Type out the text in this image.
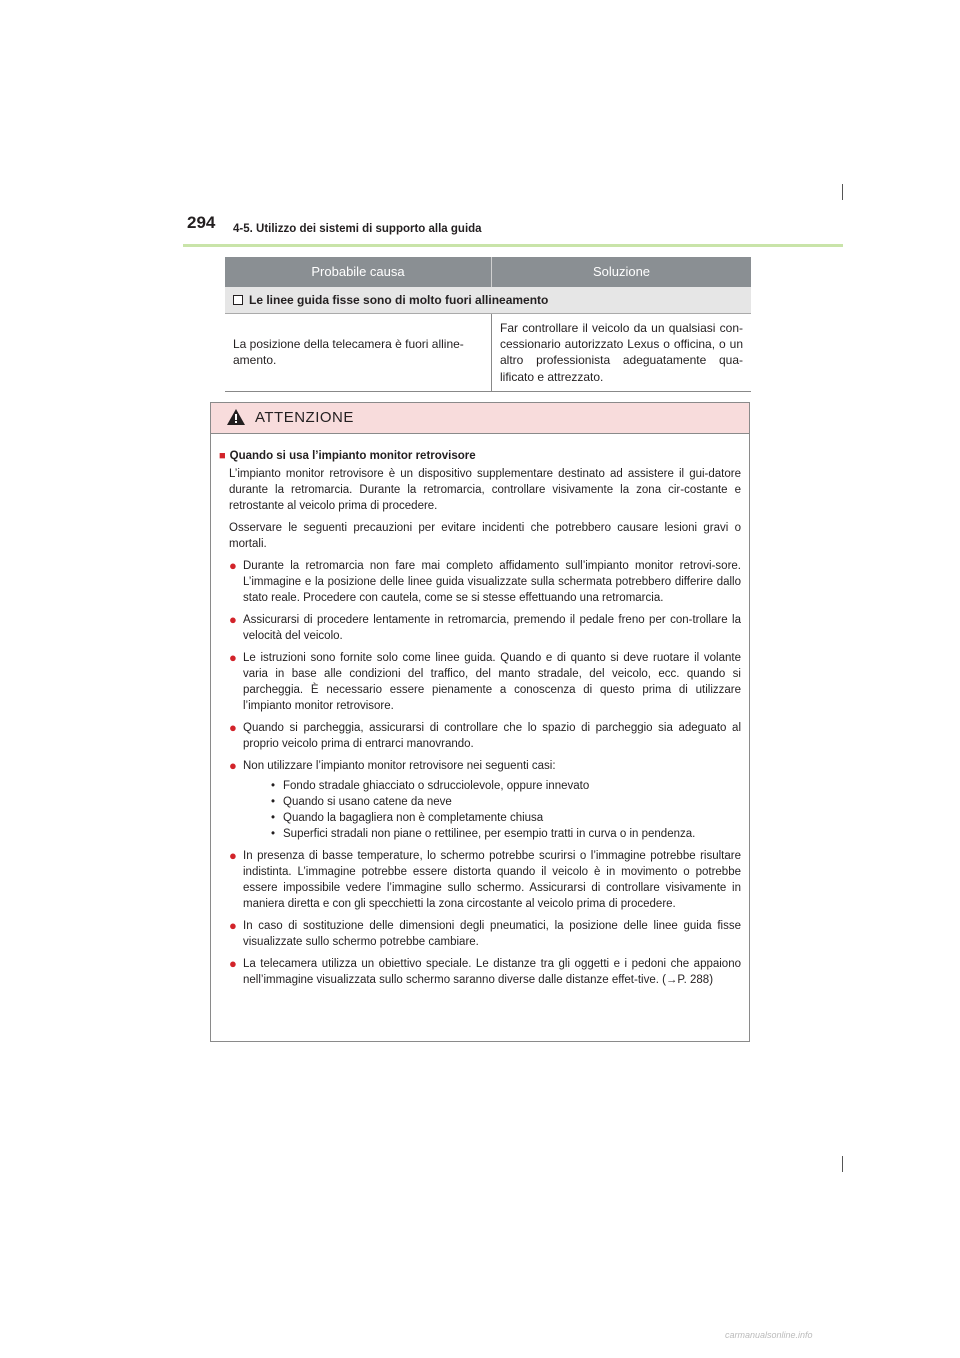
294 4-5. Utilizzo dei sistemi di supporto alla guida
Probabile causa	Soluzione
Le linee guida fisse sono di molto fuori allineamento	
La posizione della telecamera è fuori alline-amento.	Far controllare il veicolo da un qualsiasi con-cessionario autorizzato Lexus o officina, o un altro professionista adeguatamente qua-lificato e attrezzato.
ATTENZIONE
■ Quando si usa l’impianto monitor retrovisore
L’impianto monitor retrovisore è un dispositivo supplementare destinato ad assistere il gui-datore durante la retromarcia. Durante la retromarcia, controllare visivamente la zona cir-costante e retrostante al veicolo prima di procedere.
Osservare le seguenti precauzioni per evitare incidenti che potrebbero causare lesioni gravi o mortali.
● Durante la retromarcia non fare mai completo affidamento sull’impianto monitor retrovi-sore. L’immagine e la posizione delle linee guida visualizzate sulla schermata potrebbero differire dallo stato reale. Procedere con cautela, come se si stesse effettuando una retromarcia.
● Assicurarsi di procedere lentamente in retromarcia, premendo il pedale freno per con-trollare la velocità del veicolo.
● Le istruzioni sono fornite solo come linee guida. Quando e di quanto si deve ruotare il volante varia in base alle condizioni del traffico, del manto stradale, del veicolo, ecc. quando si parcheggia. È necessario essere pienamente a conoscenza di questo prima di utilizzare l’impianto monitor retrovisore.
● Quando si parcheggia, assicurarsi di controllare che lo spazio di parcheggio sia adeguato al proprio veicolo prima di entrarci manovrando.
● Non utilizzare l’impianto monitor retrovisore nei seguenti casi:
• Fondo stradale ghiacciato o sdrucciolevole, oppure innevato
• Quando si usano catene da neve
• Quando la bagagliera non è completamente chiusa
• Superfici stradali non piane o rettilinee, per esempio tratti in curva o in pendenza.
● In presenza di basse temperature, lo schermo potrebbe scurirsi o l’immagine potrebbe risultare indistinta. L’immagine potrebbe essere distorta quando il veicolo è in movimento o potrebbe essere impossibile vedere l’immagine sullo schermo. Assicurarsi di controllare visivamente in maniera diretta e con gli specchietti la zona circostante al veicolo prima di procedere.
● In caso di sostituzione delle dimensioni degli pneumatici, la posizione delle linee guida fisse visualizzate sullo schermo potrebbe cambiare.
● La telecamera utilizza un obiettivo speciale. Le distanze tra gli oggetti e i pedoni che appaiono nell’immagine visualizzata sullo schermo saranno diverse dalle distanze effet-tive. (→P. 288)
carmanualsonline.info
